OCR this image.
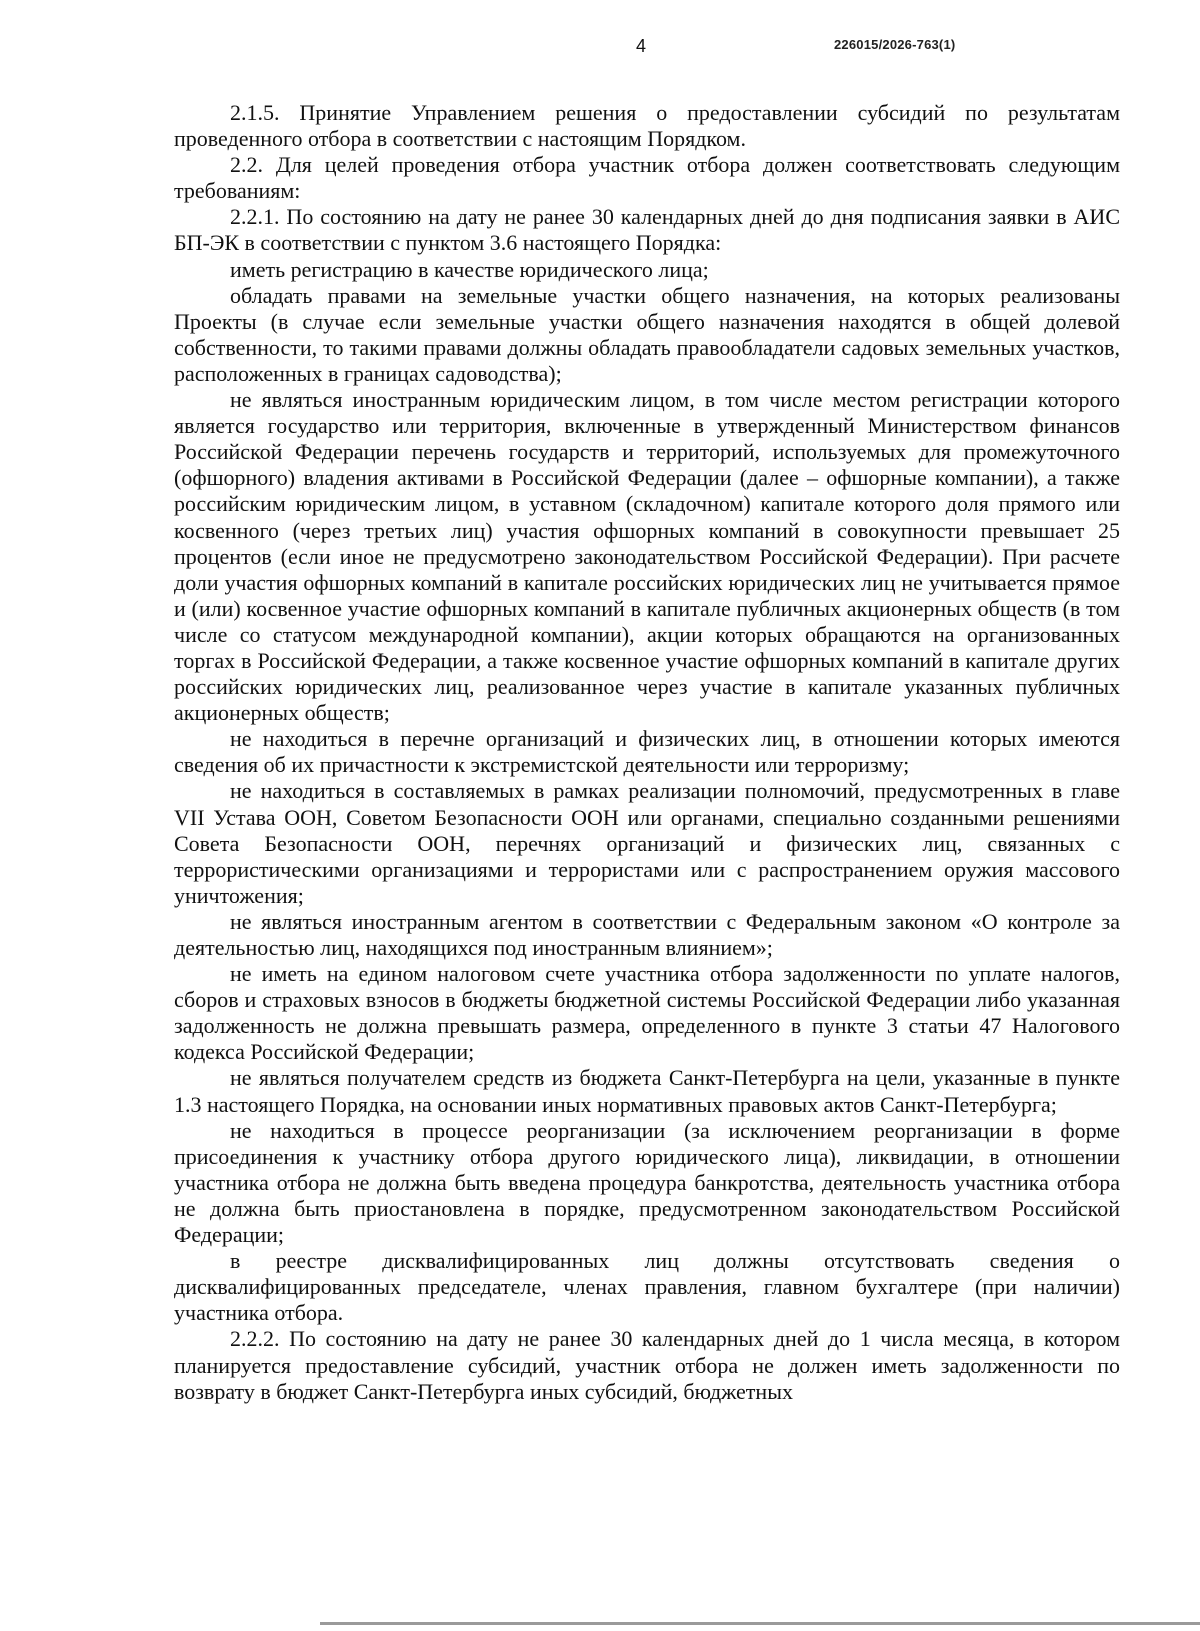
4	226015/2026-763(1)

2.1.5. Принятие Управлением решения о предоставлении субсидий по результатам проведенного отбора в соответствии с настоящим Порядком.

2.2. Для целей проведения отбора участник отбора должен соответствовать следующим требованиям:

2.2.1. По состоянию на дату не ранее 30 календарных дней до дня подписания заявки в АИС БП-ЭК в соответствии с пунктом 3.6 настоящего Порядка:

иметь регистрацию в качестве юридического лица;

обладать правами на земельные участки общего назначения, на которых реализованы Проекты (в случае если земельные участки общего назначения находятся в общей долевой собственности, то такими правами должны обладать правообладатели садовых земельных участков, расположенных в границах садоводства);

не являться иностранным юридическим лицом, в том числе местом регистрации которого является государство или территория, включенные в утвержденный Министерством финансов Российской Федерации перечень государств и территорий, используемых для промежуточного (офшорного) владения активами в Российской Федерации (далее – офшорные компании), а также российским юридическим лицом, в уставном (складочном) капитале которого доля прямого или косвенного (через третьих лиц) участия офшорных компаний в совокупности превышает 25 процентов (если иное не предусмотрено законодательством Российской Федерации). При расчете доли участия офшорных компаний в капитале российских юридических лиц не учитывается прямое и (или) косвенное участие офшорных компаний в капитале публичных акционерных обществ (в том числе со статусом международной компании), акции которых обращаются на организованных торгах в Российской Федерации, а также косвенное участие офшорных компаний в капитале других российских юридических лиц, реализованное через участие в капитале указанных публичных акционерных обществ;

не находиться в перечне организаций и физических лиц, в отношении которых имеются сведения об их причастности к экстремистской деятельности или терроризму;

не находиться в составляемых в рамках реализации полномочий, предусмотренных в главе VII Устава ООН, Советом Безопасности ООН или органами, специально созданными решениями Совета Безопасности ООН, перечнях организаций и физических лиц, связанных с террористическими организациями и террористами или с распространением оружия массового уничтожения;

не являться иностранным агентом в соответствии с Федеральным законом «О контроле за деятельностью лиц, находящихся под иностранным влиянием»;

не иметь на едином налоговом счете участника отбора задолженности по уплате налогов, сборов и страховых взносов в бюджеты бюджетной системы Российской Федерации либо указанная задолженность не должна превышать размера, определенного в пункте 3 статьи 47 Налогового кодекса Российской Федерации;

не являться получателем средств из бюджета Санкт-Петербурга на цели, указанные в пункте 1.3 настоящего Порядка, на основании иных нормативных правовых актов Санкт-Петербурга;

не находиться в процессе реорганизации (за исключением реорганизации в форме присоединения к участнику отбора другого юридического лица), ликвидации, в отношении участника отбора не должна быть введена процедура банкротства, деятельность участника отбора не должна быть приостановлена в порядке, предусмотренном законодательством Российской Федерации;

в реестре дисквалифицированных лиц должны отсутствовать сведения о дисквалифицированных председателе, членах правления, главном бухгалтере (при наличии) участника отбора.

2.2.2. По состоянию на дату не ранее 30 календарных дней до 1 числа месяца, в котором планируется предоставление субсидий, участник отбора не должен иметь задолженности по возврату в бюджет Санкт-Петербурга иных субсидий, бюджетных
